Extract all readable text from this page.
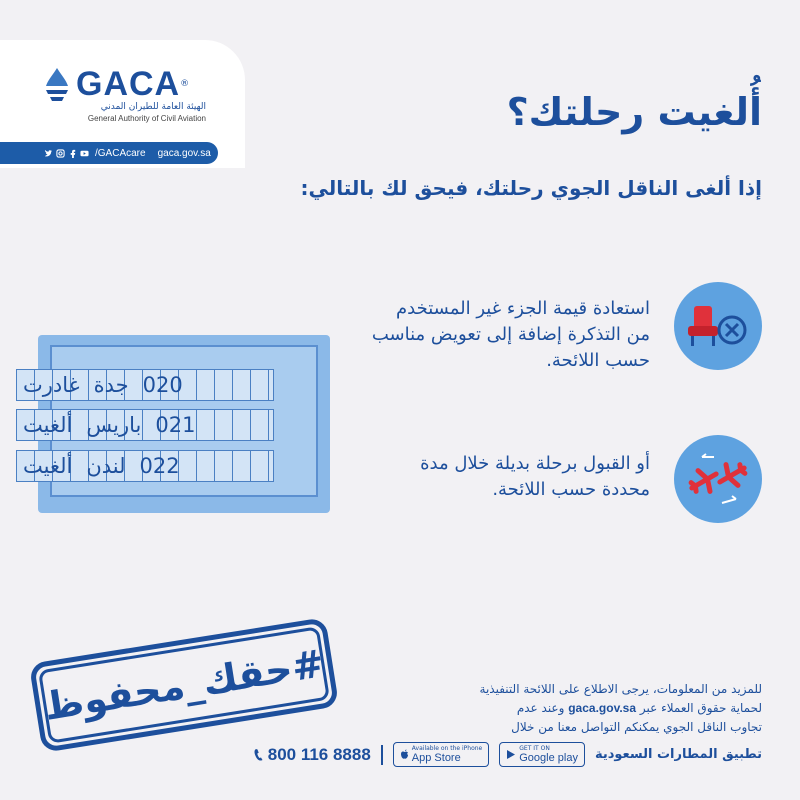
GACA ®
الهيئة العامة للطيران المدني
General Authority of Civil Aviation
/GACAcare gaca.gov.sa
أُلغيت رحلتك؟
إذا ألغى الناقل الجوي رحلتك، فيحق لك بالتالي:
020
جدة
غادرت
021
باريس
ألغيت
022
لندن
ألغيت
استعادة قيمة الجزء غير المستخدم من التذكرة إضافة إلى تعويض مناسب حسب اللائحة.
أو القبول برحلة بديلة خلال مدة محددة حسب اللائحة.
#حقك_محفوظ	للمزيد من المعلومات، يرجى الاطلاع على اللائحة التنفيذية
لحماية حقوق العملاء عبر gaca.gov.sa وعند عدم
تجاوب الناقل الجوي يمكنكم التواصل معنا من خلال
تطبيق المطارات السعودية
GET IT ON
Google play
Available on the iPhone
App Store
800 116 8888
